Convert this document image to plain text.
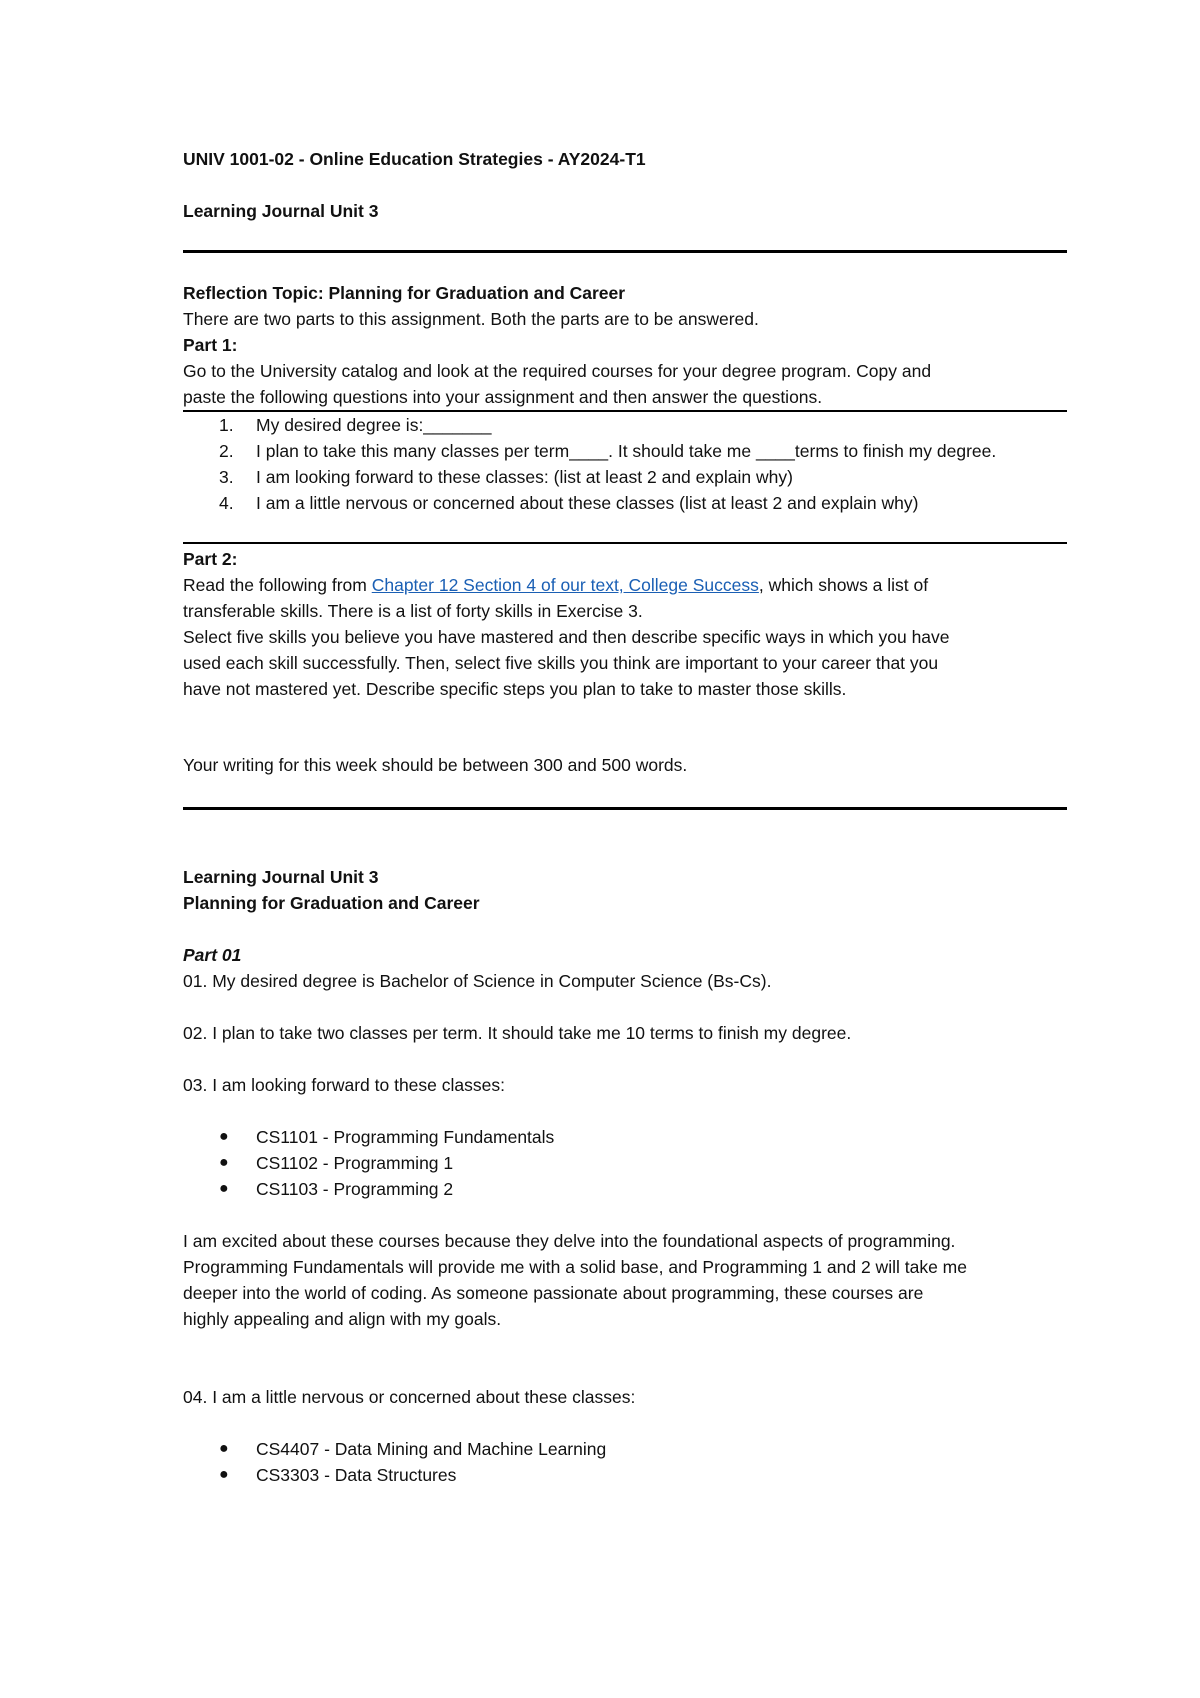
UNIV 1001-02 - Online Education Strategies - AY2024-T1
Learning Journal Unit 3
Reflection Topic: Planning for Graduation and Career
There are two parts to this assignment. Both the parts are to be answered.
Part 1:
Go to the University catalog and look at the required courses for your degree program. Copy and
paste the following questions into your assignment and then answer the questions.
1. My desired degree is:_______
2. I plan to take this many classes per term____. It should take me ____terms to finish my degree.
3. I am looking forward to these classes: (list at least 2 and explain why)
4. I am a little nervous or concerned about these classes (list at least 2 and explain why)
Part 2:
Read the following from Chapter 12 Section 4 of our text, College Success, which shows a list of
transferable skills. There is a list of forty skills in Exercise 3.
Select five skills you believe you have mastered and then describe specific ways in which you have
used each skill successfully. Then, select five skills you think are important to your career that you
have not mastered yet. Describe specific steps you plan to take to master those skills.
Your writing for this week should be between 300 and 500 words.
Learning Journal Unit 3
Planning for Graduation and Career
Part 01
01. My desired degree is Bachelor of Science in Computer Science (Bs-Cs).
02. I plan to take two classes per term. It should take me 10 terms to finish my degree.
03. I am looking forward to these classes:
● CS1101 - Programming Fundamentals
● CS1102 - Programming 1
● CS1103 - Programming 2
I am excited about these courses because they delve into the foundational aspects of programming.
Programming Fundamentals will provide me with a solid base, and Programming 1 and 2 will take me
deeper into the world of coding. As someone passionate about programming, these courses are
highly appealing and align with my goals.
04. I am a little nervous or concerned about these classes:
● CS4407 - Data Mining and Machine Learning
● CS3303 - Data Structures
